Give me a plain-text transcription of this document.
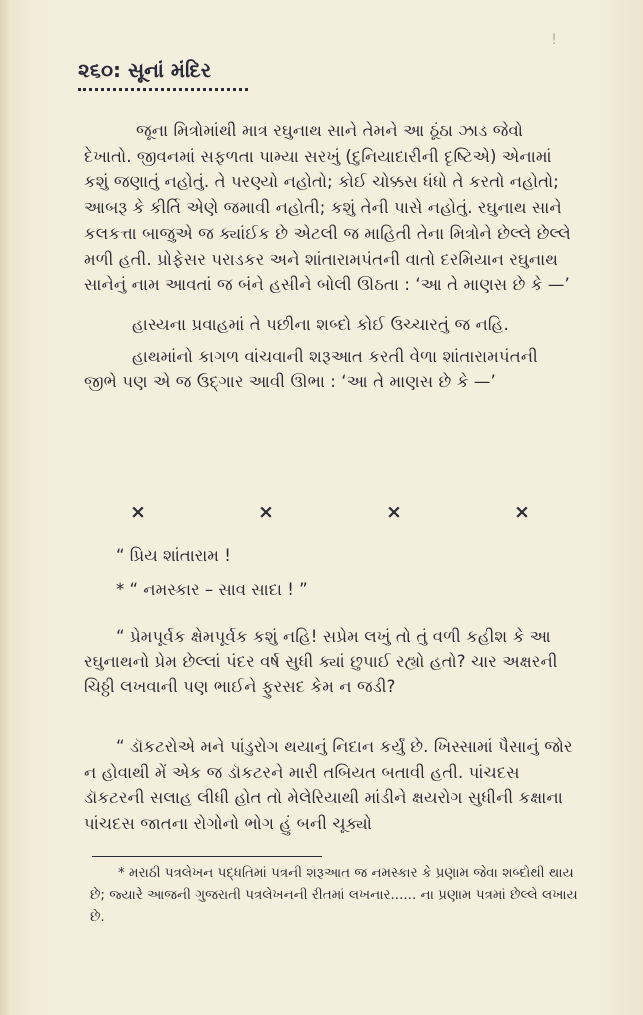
ǃ
૨૬૦: સૂનાં મંદિર
જૂના મિત્રોમાંથી માત્ર રઘુનાથ સાને તેમને આ ઠૂંઠા ઝાડ જેવો દેખાતો. જીવનમાં સફળતા પામ્યા સરખું (દુનિયાદારીની દૃષ્ટિએ) એનામાં કશું જણાતું નહોતું. તે પરણ્યો નહોતો; કોઈ ચોક્કસ ધંધો તે કરતો નહોતો; આબરૂ કે કીર્તિ એણે જમાવી નહોતી; કશું તેની પાસે નહોતું. રઘુનાથ સાને કલકત્તા બાજુએ જ ક્યાંઈક છે એટલી જ માહિતી તેના મિત્રોને છેલ્લે છેલ્લે મળી હતી. પ્રોફેસર પરાડકર અને શાંતારામપંતની વાતો દરમિયાન રઘુનાથ સાનેનું નામ આવતાં જ બંને હસીને બોલી ઊઠતા : ‘આ તે માણસ છે કે —’
હાસ્યના પ્રવાહમાં તે પછીના શબ્દો કોઈ ઉચ્ચારતું જ નહિ.
હાથમાંનો કાગળ વાંચવાની શરૂઆત કરતી વેળા શાંતારામપંતની જીભે પણ એ જ ઉદ્ગાર આવી ઊભા : ‘આ તે માણસ છે કે —’
×	×	×	×
“ પ્રિય શાંતારામ !
* “ નમસ્કાર – સાવ સાદા ! ”
“ પ્રેમપૂર્વક ક્ષેમપૂર્વક કશું નહિ! સપ્રેમ લખું તો તું વળી કહીશ કે આ રઘુનાથનો પ્રેમ છેલ્લાં પંદર વર્ષ સુધી ક્યાં છુપાઈ રહ્યો હતો? ચાર અક્ષરની ચિઠ્ઠી લખવાની પણ ભાઈને ફુરસદ કેમ ન જડી?
“ ડૉકટરોએ મને પાંડુરોગ થયાનું નિદાન કર્યું છે. ખિસ્સામાં પૈસાનું જોર ન હોવાથી મેં એક જ ડૉકટરને મારી તબિયત બતાવી હતી. પાંચદસ ડૉકટરની સલાહ લીધી હોત તો મેલેરિયાથી માંડીને ક્ષયરોગ સુધીની કક્ષાના પાંચદસ જાતના રોગોનો ભોગ હું બની ચૂક્યો
* મરાઠી પત્રલેખન પદ્ધતિમાં પત્રની શરૂઆત જ નમસ્કાર કે પ્રણામ જેવા શબ્દોથી થાય છે; જ્યારે આજની ગુજરાતી પત્રલેખનની રીતમાં લખનાર...... ના પ્રણામ પત્રમાં છેલ્લે લખાય છે.
